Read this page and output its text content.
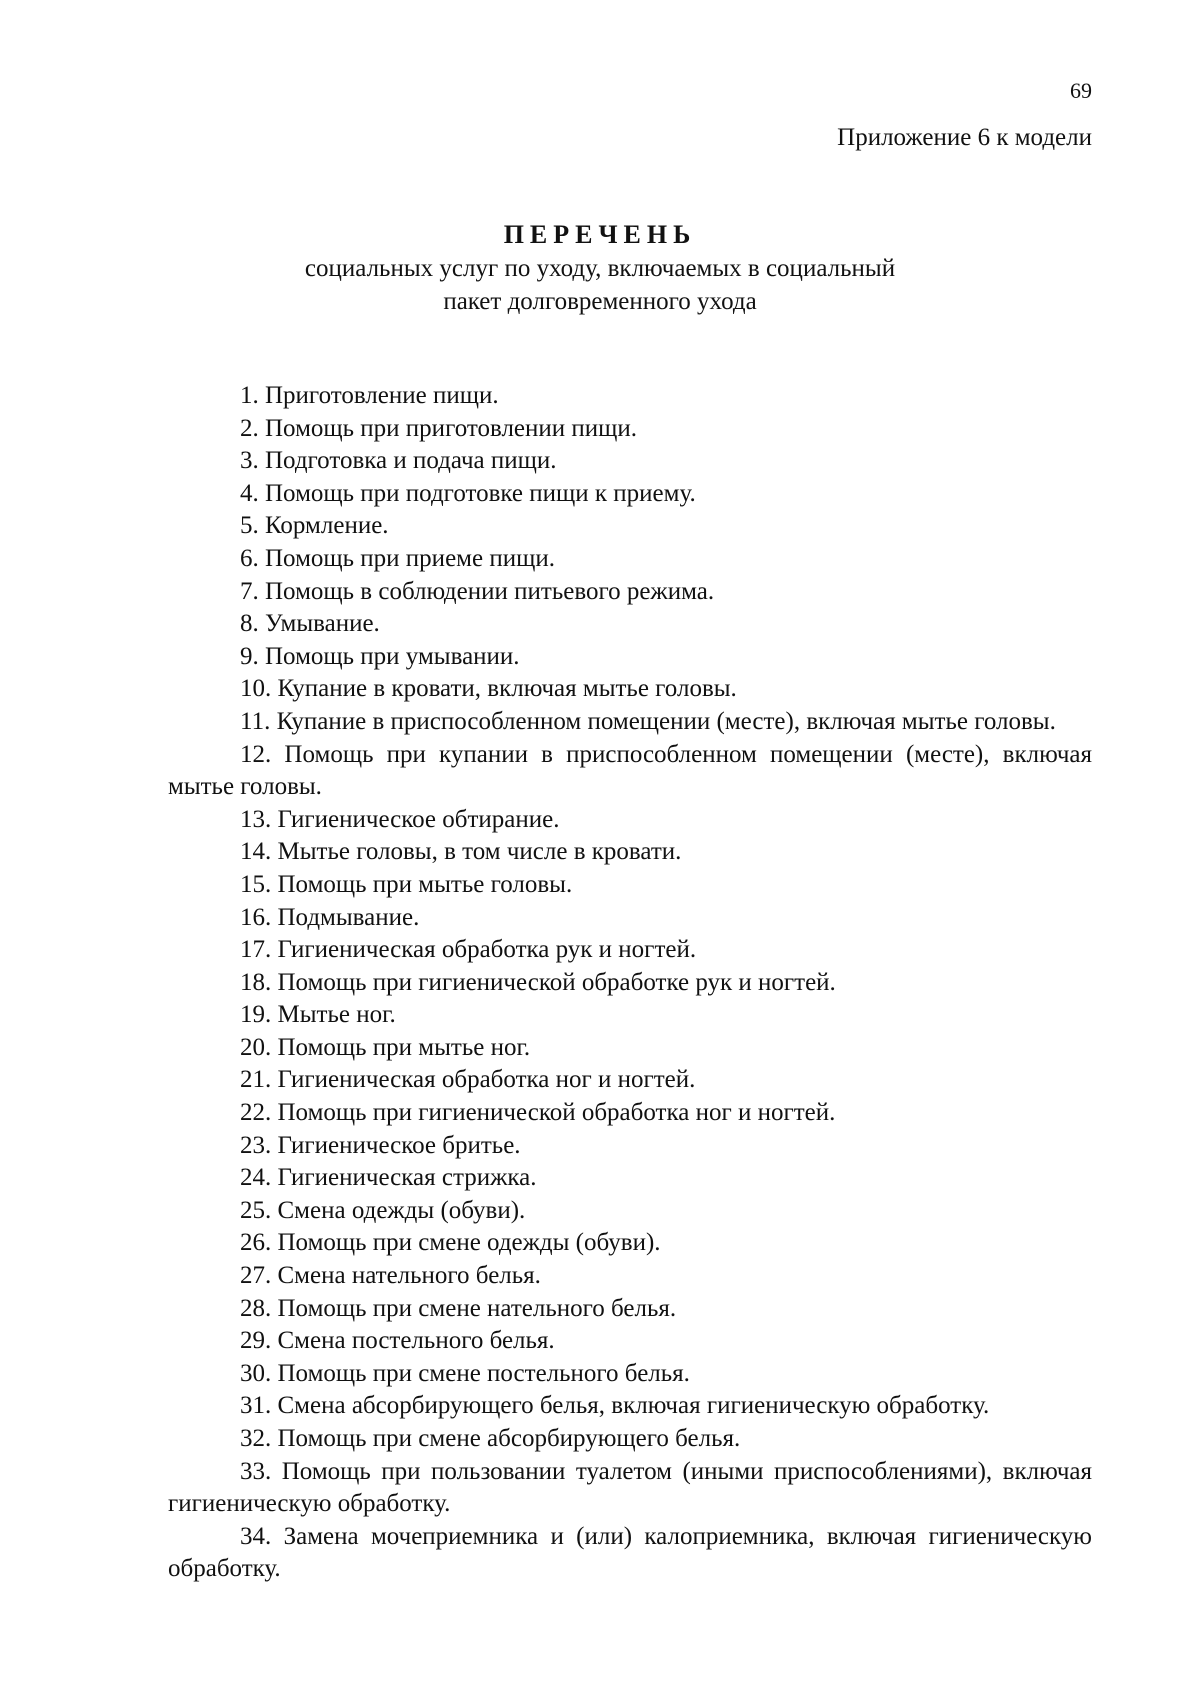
69
Приложение 6 к модели

ПЕРЕЧЕНЬ

социальных услуг по уходу, включаемых в социальный

пакет долговременного ухода

1. Приготовление пищи.
2. Помощь при приготовлении пищи.
3. Подготовка и подача пищи.
4. Помощь при подготовке пищи к приему.
5. Кормление.
6. Помощь при приеме пищи.
7. Помощь в соблюдении питьевого режима.
8. Умывание.
9. Помощь при умывании.
10. Купание в кровати, включая мытье головы.
11. Купание в приспособленном помещении (месте), включая мытье головы.
12. Помощь при купании в приспособленном помещении (месте), включая мытье головы.
13. Гигиеническое обтирание.
14. Мытье головы, в том числе в кровати.
15. Помощь при мытье головы.
16. Подмывание.
17. Гигиеническая обработка рук и ногтей.
18. Помощь при гигиенической обработке рук и ногтей.
19. Мытье ног.
20. Помощь при мытье ног.
21. Гигиеническая обработка ног и ногтей.
22. Помощь при гигиенической обработка ног и ногтей.
23. Гигиеническое бритье.
24. Гигиеническая стрижка.
25. Смена одежды (обуви).
26. Помощь при смене одежды (обуви).
27. Смена нательного белья.
28. Помощь при смене нательного белья.
29. Смена постельного белья.
30. Помощь при смене постельного белья.
31. Смена абсорбирующего белья, включая гигиеническую обработку.
32. Помощь при смене абсорбирующего белья.
33. Помощь при пользовании туалетом (иными приспособлениями), включая гигиеническую обработку.
34. Замена мочеприемника и (или) калоприемника, включая гигиеническую обработку.
